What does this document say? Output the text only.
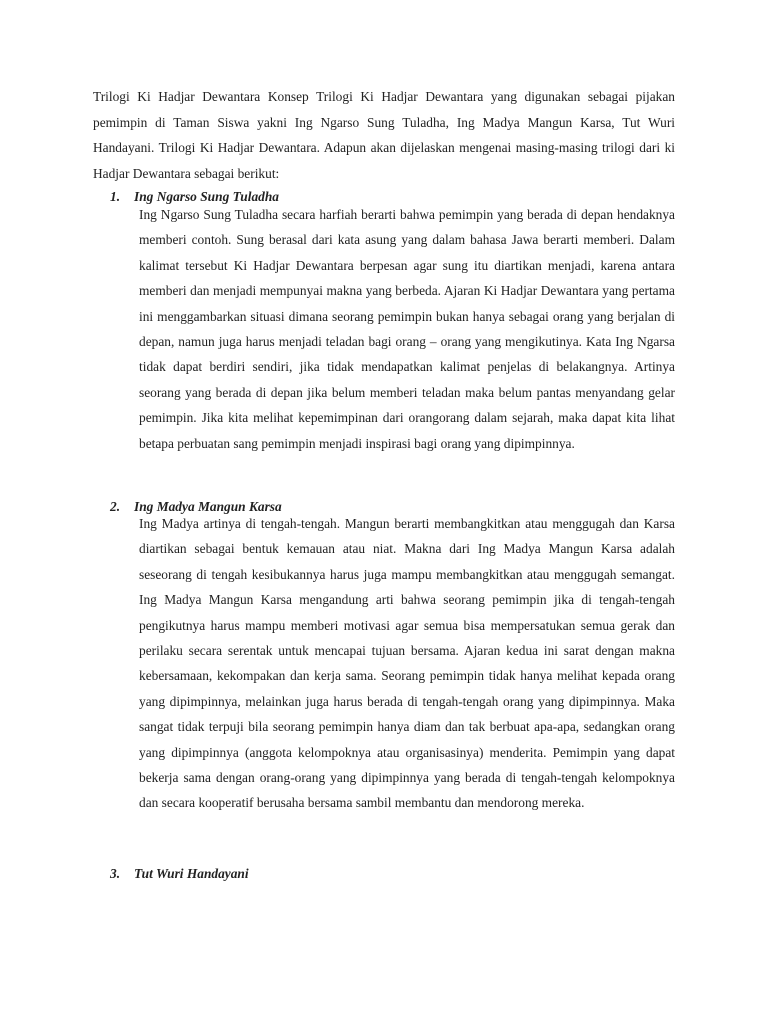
Trilogi Ki Hadjar Dewantara Konsep Trilogi Ki Hadjar Dewantara yang digunakan sebagai pijakan pemimpin di Taman Siswa yakni Ing Ngarso Sung Tuladha, Ing Madya Mangun Karsa, Tut Wuri Handayani. Trilogi Ki Hadjar Dewantara. Adapun akan dijelaskan mengenai masing-masing trilogi dari ki Hadjar Dewantara sebagai berikut:

1. Ing Ngarso Sung Tuladha

Ing Ngarso Sung Tuladha secara harfiah berarti bahwa pemimpin yang berada di depan hendaknya memberi contoh. Sung berasal dari kata asung yang dalam bahasa Jawa berarti memberi. Dalam kalimat tersebut Ki Hadjar Dewantara berpesan agar sung itu diartikan menjadi, karena antara memberi dan menjadi mempunyai makna yang berbeda. Ajaran Ki Hadjar Dewantara yang pertama ini menggambarkan situasi dimana seorang pemimpin bukan hanya sebagai orang yang berjalan di depan, namun juga harus menjadi teladan bagi orang – orang yang mengikutinya. Kata Ing Ngarsa tidak dapat berdiri sendiri, jika tidak mendapatkan kalimat penjelas di belakangnya. Artinya seorang yang berada di depan jika belum memberi teladan maka belum pantas menyandang gelar pemimpin. Jika kita melihat kepemimpinan dari orangorang dalam sejarah, maka dapat kita lihat betapa perbuatan sang pemimpin menjadi inspirasi bagi orang yang dipimpinnya.

2. Ing Madya Mangun Karsa

Ing Madya artinya di tengah-tengah. Mangun berarti membangkitkan atau menggugah dan Karsa diartikan sebagai bentuk kemauan atau niat. Makna dari Ing Madya Mangun Karsa adalah seseorang di tengah kesibukannya harus juga mampu membangkitkan atau menggugah semangat. Ing Madya Mangun Karsa mengandung arti bahwa seorang pemimpin jika di tengah-tengah pengikutnya harus mampu memberi motivasi agar semua bisa mempersatukan semua gerak dan perilaku secara serentak untuk mencapai tujuan bersama. Ajaran kedua ini sarat dengan makna kebersamaan, kekompakan dan kerja sama. Seorang pemimpin tidak hanya melihat kepada orang yang dipimpinnya, melainkan juga harus berada di tengah-tengah orang yang dipimpinnya. Maka sangat tidak terpuji bila seorang pemimpin hanya diam dan tak berbuat apa-apa, sedangkan orang yang dipimpinnya (anggota kelompoknya atau organisasinya) menderita. Pemimpin yang dapat bekerja sama dengan orang-orang yang dipimpinnya yang berada di tengah-tengah kelompoknya dan secara kooperatif berusaha bersama sambil membantu dan mendorong mereka.

3. Tut Wuri Handayani
